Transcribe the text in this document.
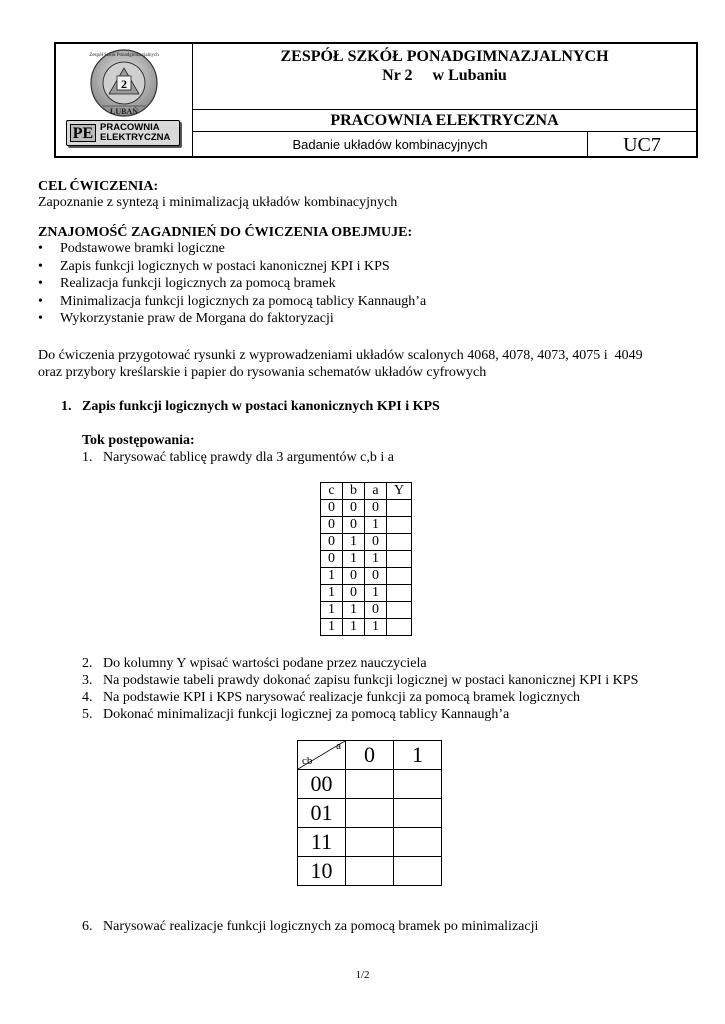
2
LUBAŃ
Zespół Szkół Ponadgimnazjalnych
PE PRACOWNIA
ELEKTRYCZNA
ZESPÓŁ SZKÓŁ PONADGIMNAZJALNYCH
Nr 2     w Lubaniu
PRACOWNIA ELEKTRYCZNA
Badanie układów kombinacyjnych	UC7
CEL ĆWICZENIA:
Zapoznanie z syntezą i minimalizacją układów kombinacyjnych
ZNAJOMOŚĆ ZAGADNIEŃ DO ĆWICZENIA OBEJMUJE:
• Podstawowe bramki logiczne
• Zapis funkcji logicznych w postaci kanonicznej KPI i KPS
• Realizacja funkcji logicznych za pomocą bramek
• Minimalizacja funkcji logicznych za pomocą tablicy Kannaugh’a
• Wykorzystanie praw de Morgana do faktoryzacji
Do ćwiczenia przygotować rysunki z wyprowadzeniami układów scalonych 4068, 4078, 4073, 4075 i  4049
oraz przybory kreślarskie i papier do rysowania schematów układów cyfrowych
1.   Zapis funkcji logicznych w postaci kanonicznych KPI i KPS
Tok postępowania:
1.   Narysować tablicę prawdy dla 3 argumentów c,b i a
c	b	a	Y
0	0	0	
0	0	1	
0	1	0	
0	1	1	
1	0	0	
1	0	1	
1	1	0	
1	1	1	
2.   Do kolumny Y wpisać wartości podane przez nauczyciela
3.   Na podstawie tabeli prawdy dokonać zapisu funkcji logicznej w postaci kanonicznej KPI i KPS
4.   Na podstawie KPI i KPS narysować realizacje funkcji za pomocą bramek logicznych
5.   Dokonać minimalizacji funkcji logicznej za pomocą tablicy Kannaugh’a
a
cb	0	1
00		
01		
11		
10		
6.   Narysować realizacje funkcji logicznych za pomocą bramek po minimalizacji
1/2
